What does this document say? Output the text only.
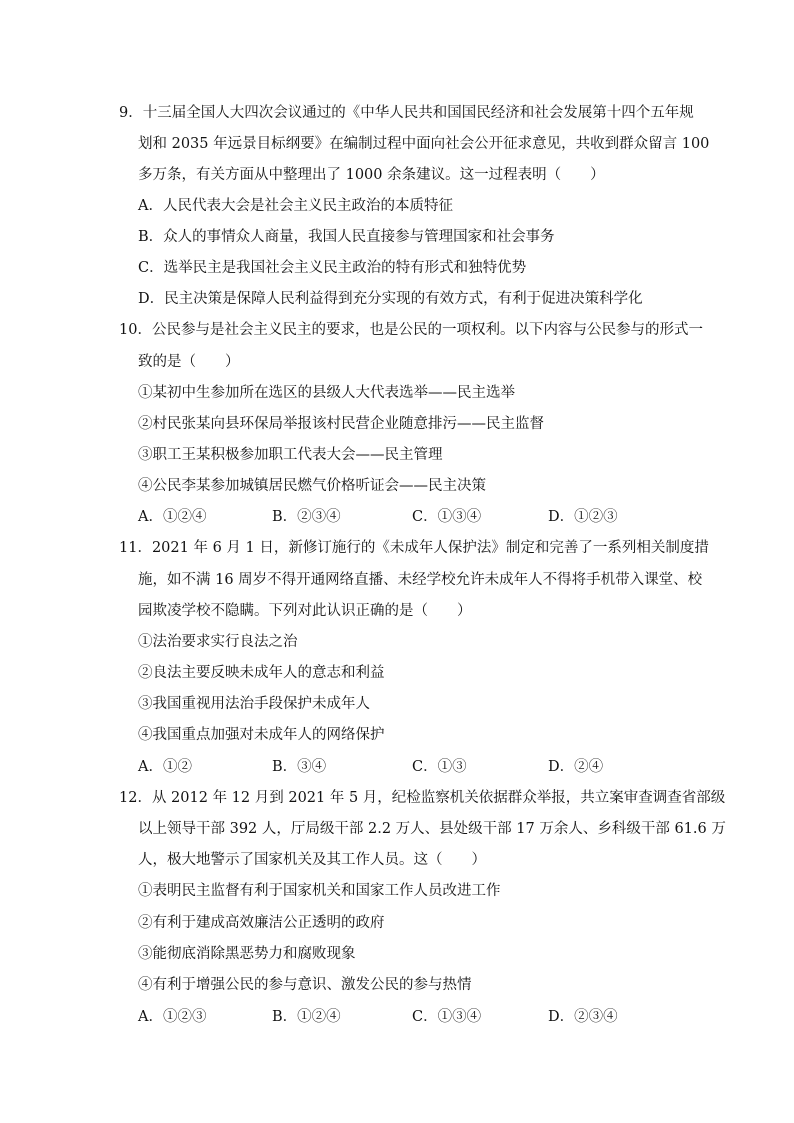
9．十三届全国人大四次会议通过的《中华人民共和国国民经济和社会发展第十四个五年规
划和 2035 年远景目标纲要》在编制过程中面向社会公开征求意见，共收到群众留言 100
多万条，有关方面从中整理出了 1000 余条建议。这一过程表明（　　）
A．人民代表大会是社会主义民主政治的本质特征
B．众人的事情众人商量，我国人民直接参与管理国家和社会事务
C．选举民主是我国社会主义民主政治的特有形式和独特优势
D．民主决策是保障人民利益得到充分实现的有效方式，有利于促进决策科学化
10．公民参与是社会主义民主的要求，也是公民的一项权利。以下内容与公民参与的形式一
致的是（　　）
①某初中生参加所在选区的县级人大代表选举——民主选举
②村民张某向县环保局举报该村民营企业随意排污——民主监督
③职工王某积极参加职工代表大会——民主管理
④公民李某参加城镇居民燃气价格听证会——民主决策
A．①②④	B．②③④	C．①③④	D．①②③
11．2021 年 6 月 1 日，新修订施行的《未成年人保护法》制定和完善了一系列相关制度措
施，如不满 16 周岁不得开通网络直播、未经学校允许未成年人不得将手机带入课堂、校
园欺凌学校不隐瞒。下列对此认识正确的是（　　）
①法治要求实行良法之治
②良法主要反映未成年人的意志和利益
③我国重视用法治手段保护未成年人
④我国重点加强对未成年人的网络保护
A．①②	B．③④	C．①③	D．②④
12．从 2012 年 12 月到 2021 年 5 月，纪检监察机关依据群众举报，共立案审查调查省部级
以上领导干部 392 人，厅局级干部 2.2 万人、县处级干部 17 万余人、乡科级干部 61.6 万
人，极大地警示了国家机关及其工作人员。这（　　）
①表明民主监督有利于国家机关和国家工作人员改进工作
②有利于建成高效廉洁公正透明的政府
③能彻底消除黑恶势力和腐败现象
④有利于增强公民的参与意识、激发公民的参与热情
A．①②③	B．①②④	C．①③④	D．②③④
